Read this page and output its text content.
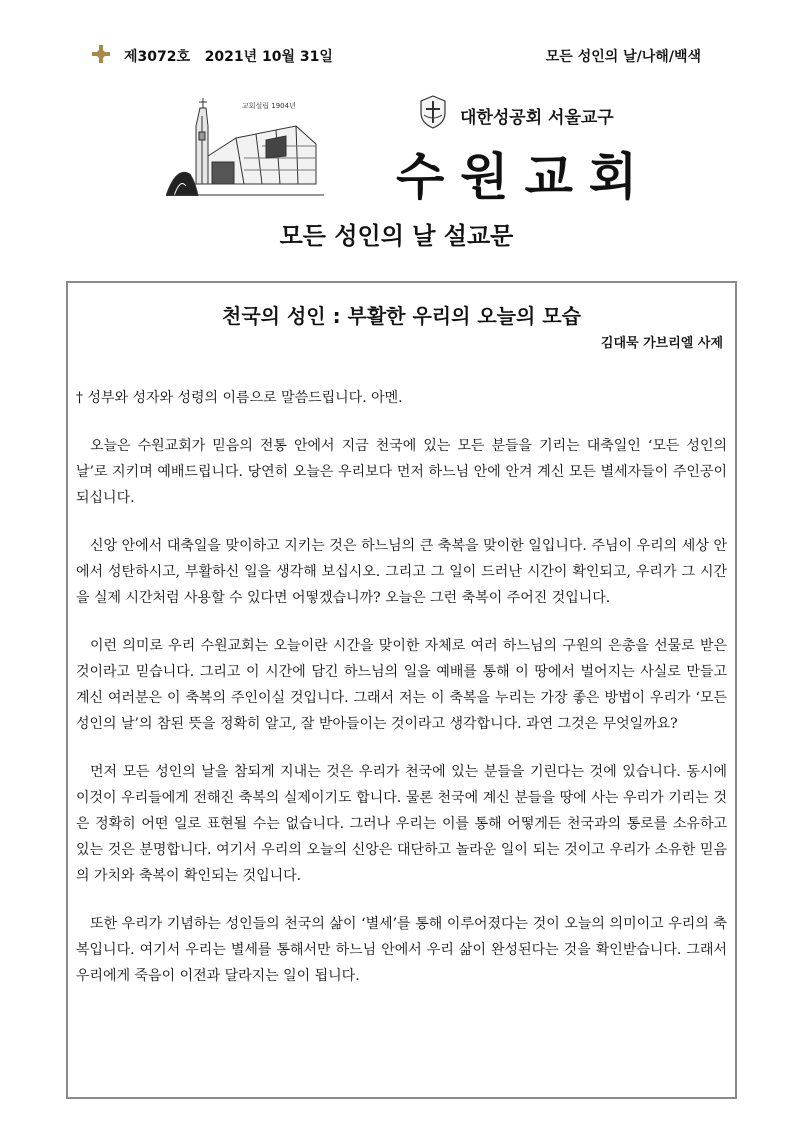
제3072호   2021년 10월 31일	모든 성인의 날/나해/백색
교회설립 1904년
대한성공회 서울교구
수원교회
모든 성인의 날 설교문
천국의 성인 : 부활한 우리의 오늘의 모습
김대묵 가브리엘 사제

† 성부와 성자와 성령의 이름으로 말씀드립니다. 아멘.

오늘은 수원교회가 믿음의 전통 안에서 지금 천국에 있는 모든 분들을 기리는 대축일인 ‘모든 성인의 날’로 지키며 예배드립니다. 당연히 오늘은 우리보다 먼저 하느님 안에 안겨 계신 모든 별세자들이 주인공이 되십니다.

신앙 안에서 대축일을 맞이하고 지키는 것은 하느님의 큰 축복을 맞이한 일입니다. 주님이 우리의 세상 안에서 성탄하시고, 부활하신 일을 생각해 보십시오. 그리고 그 일이 드러난 시간이 확인되고, 우리가 그 시간을 실제 시간처럼 사용할 수 있다면 어떻겠습니까? 오늘은 그런 축복이 주어진 것입니다.

이런 의미로 우리 수원교회는 오늘이란 시간을 맞이한 자체로 여러 하느님의 구원의 은총을 선물로 받은 것이라고 믿습니다. 그리고 이 시간에 담긴 하느님의 일을 예배를 통해 이 땅에서 벌어지는 사실로 만들고 계신 여러분은 이 축복의 주인이실 것입니다. 그래서 저는 이 축복을 누리는 가장 좋은 방법이 우리가 ‘모든 성인의 날’의 참된 뜻을 정확히 알고, 잘 받아들이는 것이라고 생각합니다. 과연 그것은 무엇일까요?

먼저 모든 성인의 날을 참되게 지내는 것은 우리가 천국에 있는 분들을 기린다는 것에 있습니다. 동시에 이것이 우리들에게 전해진 축복의 실제이기도 합니다. 물론 천국에 계신 분들을 땅에 사는 우리가 기리는 것은 정확히 어떤 일로 표현될 수는 없습니다. 그러나 우리는 이를 통해 어떻게든 천국과의 통로를 소유하고 있는 것은 분명합니다. 여기서 우리의 오늘의 신앙은 대단하고 놀라운 일이 되는 것이고 우리가 소유한 믿음의 가치와 축복이 확인되는 것입니다.

또한 우리가 기념하는 성인들의 천국의 삶이 ‘별세’를 통해 이루어졌다는 것이 오늘의 의미이고 우리의 축복입니다. 여기서 우리는 별세를 통해서만 하느님 안에서 우리 삶이 완성된다는 것을 확인받습니다. 그래서 우리에게 죽음이 이전과 달라지는 일이 됩니다.
